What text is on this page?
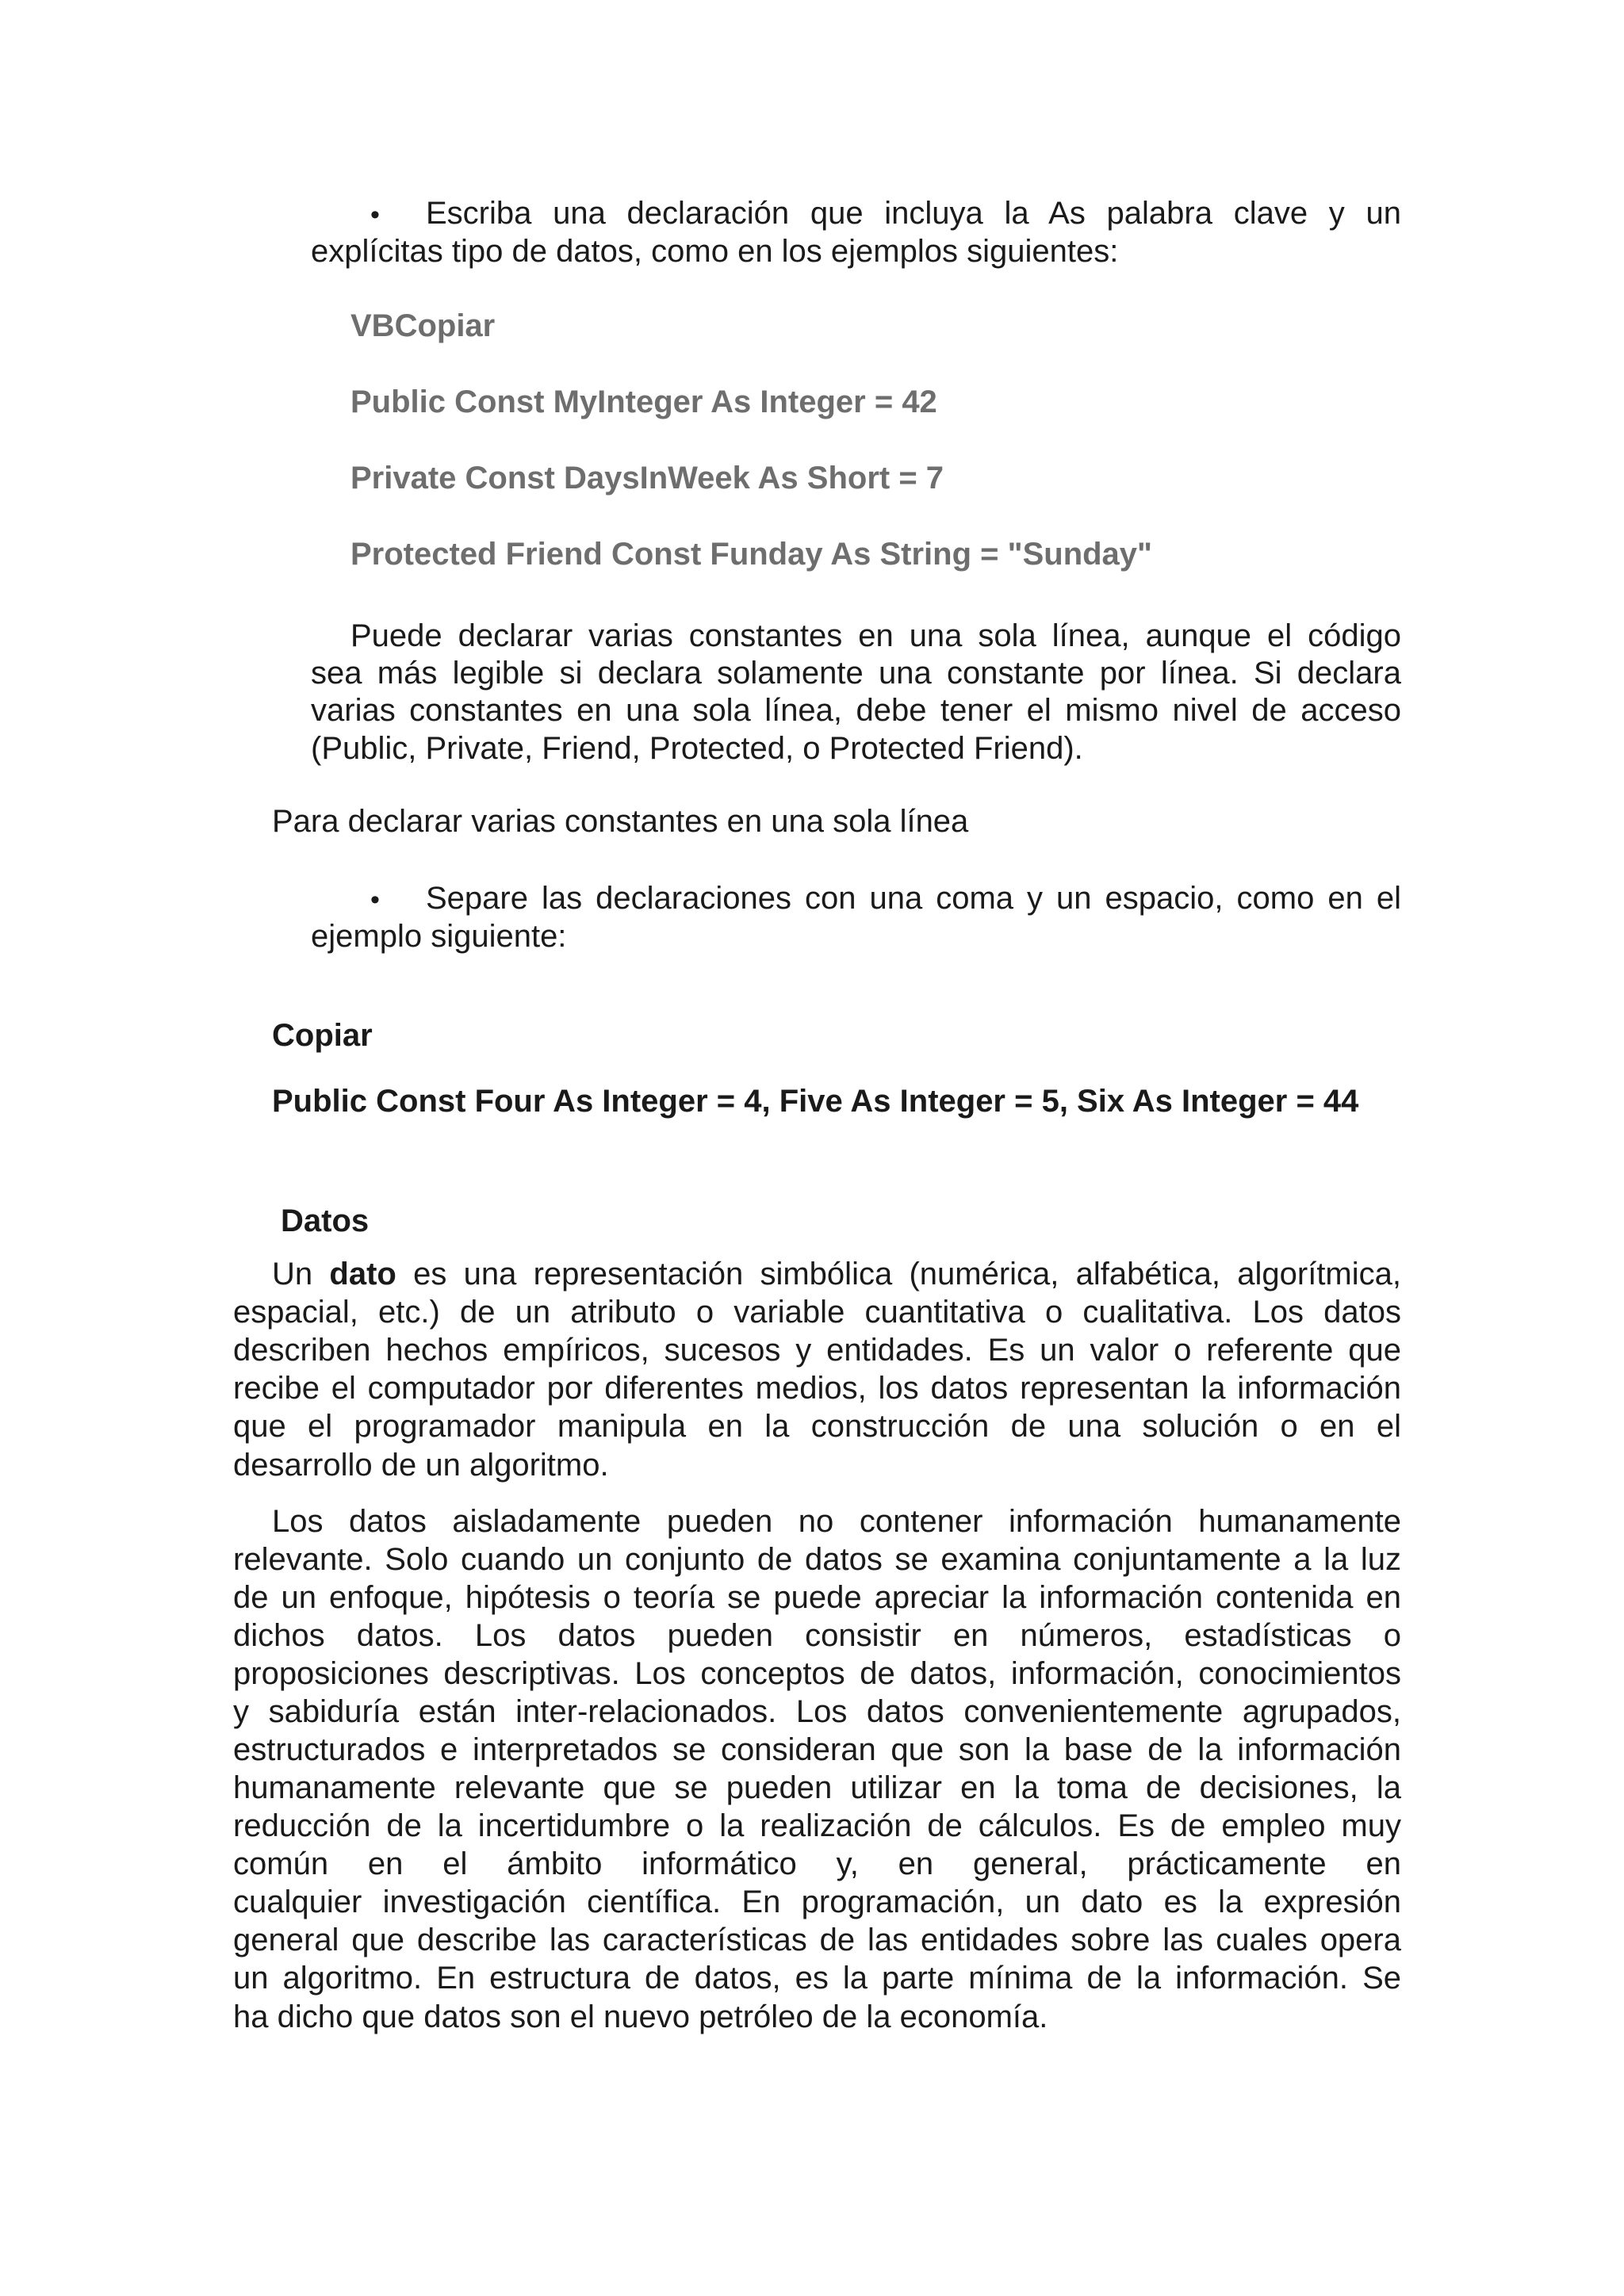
• Escriba una declaración que incluya la As palabra clave y un
explícitas tipo de datos, como en los ejemplos siguientes:
VBCopiar
Public Const MyInteger As Integer = 42
Private Const DaysInWeek As Short = 7
Protected Friend Const Funday As String = "Sunday"
Puede declarar varias constantes en una sola línea, aunque el código
sea más legible si declara solamente una constante por línea. Si declara
varias constantes en una sola línea, debe tener el mismo nivel de acceso
(Public, Private, Friend, Protected, o Protected Friend).
Para declarar varias constantes en una sola línea
• Separe las declaraciones con una coma y un espacio, como en el
ejemplo siguiente:
Copiar
Public Const Four As Integer = 4, Five As Integer = 5, Six As Integer = 44
Datos
Un dato es una representación simbólica (numérica, alfabética, algorítmica,
espacial, etc.) de un atributo o variable cuantitativa o cualitativa. Los datos
describen hechos empíricos, sucesos y entidades. Es un valor o referente que
recibe el computador por diferentes medios, los datos representan la información
que el programador manipula en la construcción de una solución o en el
desarrollo de un algoritmo.
Los datos aisladamente pueden no contener información humanamente
relevante. Solo cuando un conjunto de datos se examina conjuntamente a la luz
de un enfoque, hipótesis o teoría se puede apreciar la información contenida en
dichos datos. Los datos pueden consistir en números, estadísticas o
proposiciones descriptivas. Los conceptos de datos, información, conocimientos
y sabiduría están inter-relacionados. Los datos convenientemente agrupados,
estructurados e interpretados se consideran que son la base de la información
humanamente relevante que se pueden utilizar en la toma de decisiones, la
reducción de la incertidumbre o la realización de cálculos. Es de empleo muy
común en el ámbito informático y, en general, prácticamente en
cualquier investigación científica. En programación, un dato es la expresión
general que describe las características de las entidades sobre las cuales opera
un algoritmo. En estructura de datos, es la parte mínima de la información. Se
ha dicho que datos son el nuevo petróleo de la economía.
